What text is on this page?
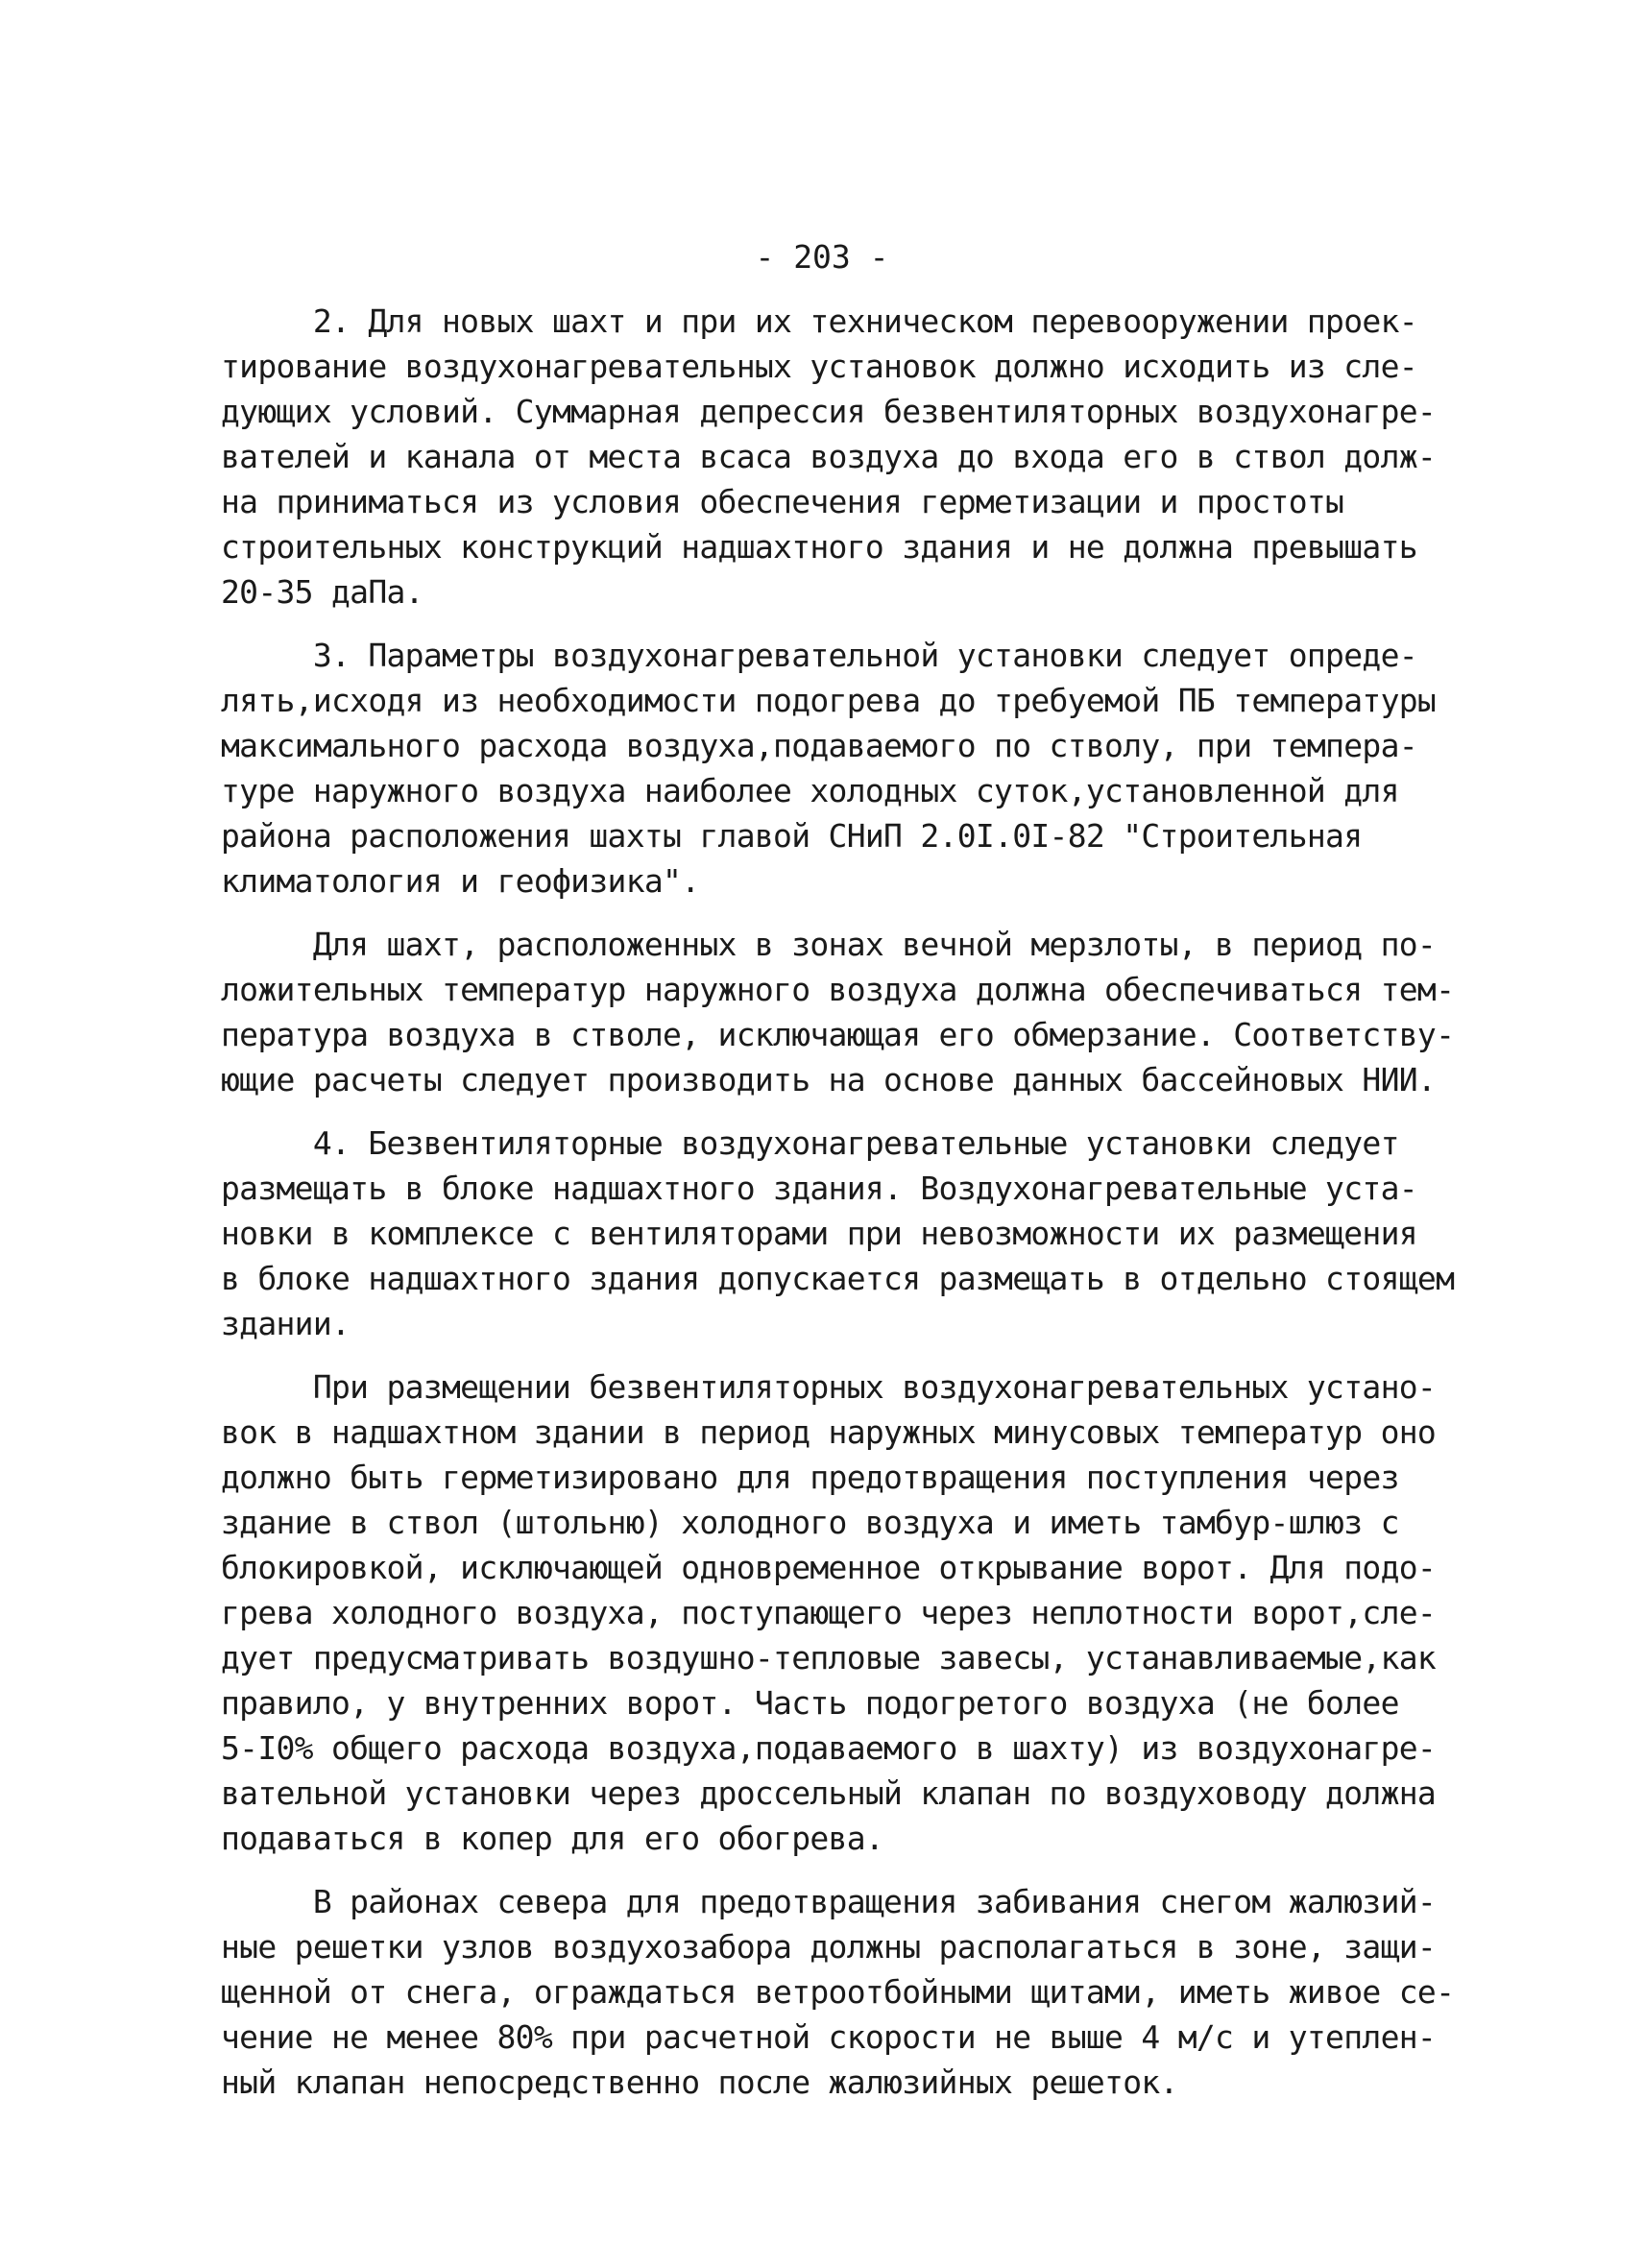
- 203 -
2. Для новых шахт и при их техническом перевооружении проек-
тирование воздухонагревательных установок должно исходить из сле-
дующих условий. Суммарная депрессия безвентиляторных воздухонагре-
вателей и канала от места всаса воздуха до входа его в ствол долж-
на приниматься из условия обеспечения герметизации и простоты
строительных конструкций надшахтного здания и не должна превышать
20-35 даПа.
3. Параметры воздухонагревательной установки следует опреде-
лять,исходя из необходимости подогрева до требуемой ПБ температуры
максимального расхода воздуха,подаваемого по стволу, при темпера-
туре наружного воздуха наиболее холодных суток,установленной для
района расположения шахты главой СНиП 2.0I.0I-82 "Строительная
климатология и геофизика".
Для шахт, расположенных в зонах вечной мерзлоты, в период по-
ложительных температур наружного воздуха должна обеспечиваться тем-
пература воздуха в стволе, исключающая его обмерзание. Соответству-
ющие расчеты следует производить на основе данных бассейновых НИИ.
4. Безвентиляторные воздухонагревательные установки следует
размещать в блоке надшахтного здания. Воздухонагревательные уста-
новки в комплексе с вентиляторами при невозможности их размещения
в блоке надшахтного здания допускается размещать в отдельно стоящем
здании.
При размещении безвентиляторных воздухонагревательных устано-
вок в надшахтном здании в период наружных минусовых температур оно
должно быть герметизировано для предотвращения поступления через
здание в ствол (штольню) холодного воздуха и иметь тамбур-шлюз с
блокировкой, исключающей одновременное открывание ворот. Для подо-
грева холодного воздуха, поступающего через неплотности ворот,сле-
дует предусматривать воздушно-тепловые завесы, устанавливаемые,как
правило, у внутренних ворот. Часть подогретого воздуха (не более
5-I0% общего расхода воздуха,подаваемого в шахту) из воздухонагре-
вательной установки через дроссельный клапан по воздуховоду должна
подаваться в копер для его обогрева.
В районах севера для предотвращения забивания снегом жалюзий-
ные решетки узлов воздухозабора должны располагаться в зоне, защи-
щенной от снега, ограждаться ветроотбойными щитами, иметь живое се-
чение не менее 80% при расчетной скорости не выше 4 м/с и утеплен-
ный клапан непосредственно после жалюзийных решеток.
